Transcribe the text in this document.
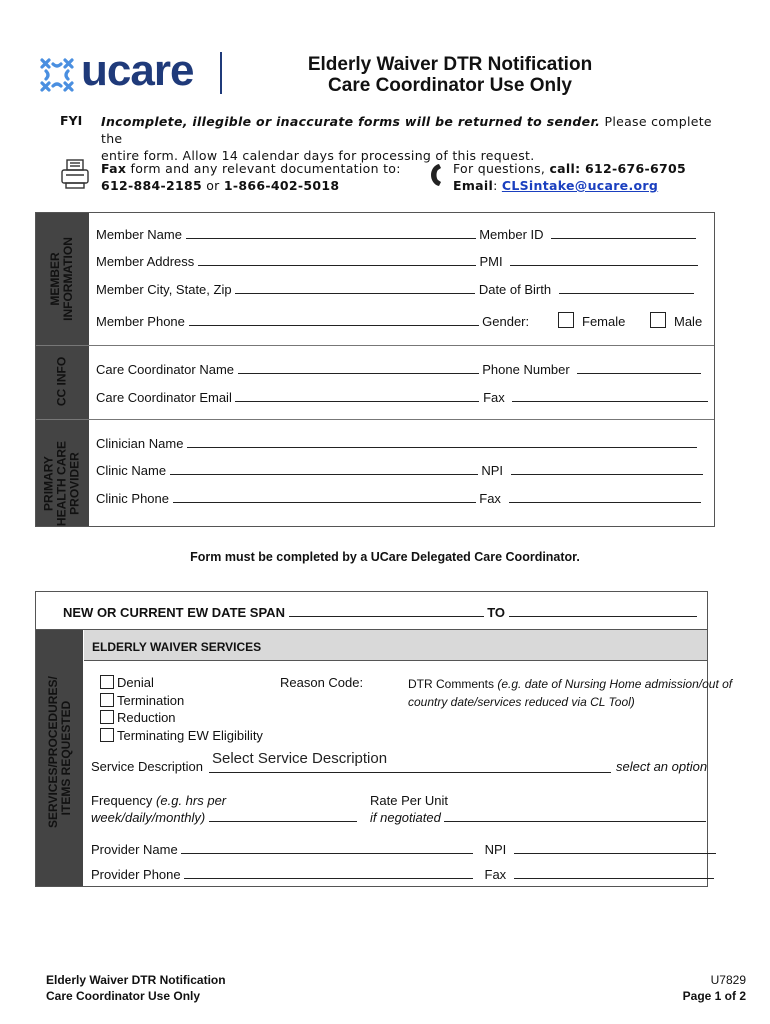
ucare	Elderly Waiver DTR Notification
Care Coordinator Use Only
FYI Incomplete, illegible or inaccurate forms will be returned to sender. Please complete the
entire form. Allow 14 calendar days for processing of this request.
Fax form and any relevant documentation to:
612-884-2185 or 1-866-402-5018
For questions, call: 612-676-6705
Email: CLSintake@ucare.org
MEMBER
INFORMATION
CC INFO
PRIMARY
HEALTH CARE
PROVIDER
Member Name	Member ID
Member Address	PMI
Member City, State, Zip	Date of Birth
Member Phone	Gender:	Female	Male
Care Coordinator Name	Phone Number
Care Coordinator Email	Fax
Clinician Name
Clinic Name	NPI
Clinic Phone	Fax
Form must be completed by a UCare Delegated Care Coordinator.
NEW OR CURRENT EW DATE SPAN	TO
SERVICES/PROCEDURES/
ITEMS REQUESTED
ELDERLY WAIVER SERVICES
Denial
Termination
Reduction
Terminating EW Eligibility
Reason Code:	DTR Comments (e.g. date of Nursing Home admission/out of
country date/services reduced via CL Tool)
Service Description Select Service Description	select an option
Frequency (e.g. hrs per
week/daily/monthly)
Rate Per Unit
if negotiated
Provider Name	NPI
Provider Phone	Fax
Elderly Waiver DTR Notification
Care Coordinator Use Only
U7829
Page 1 of 2
